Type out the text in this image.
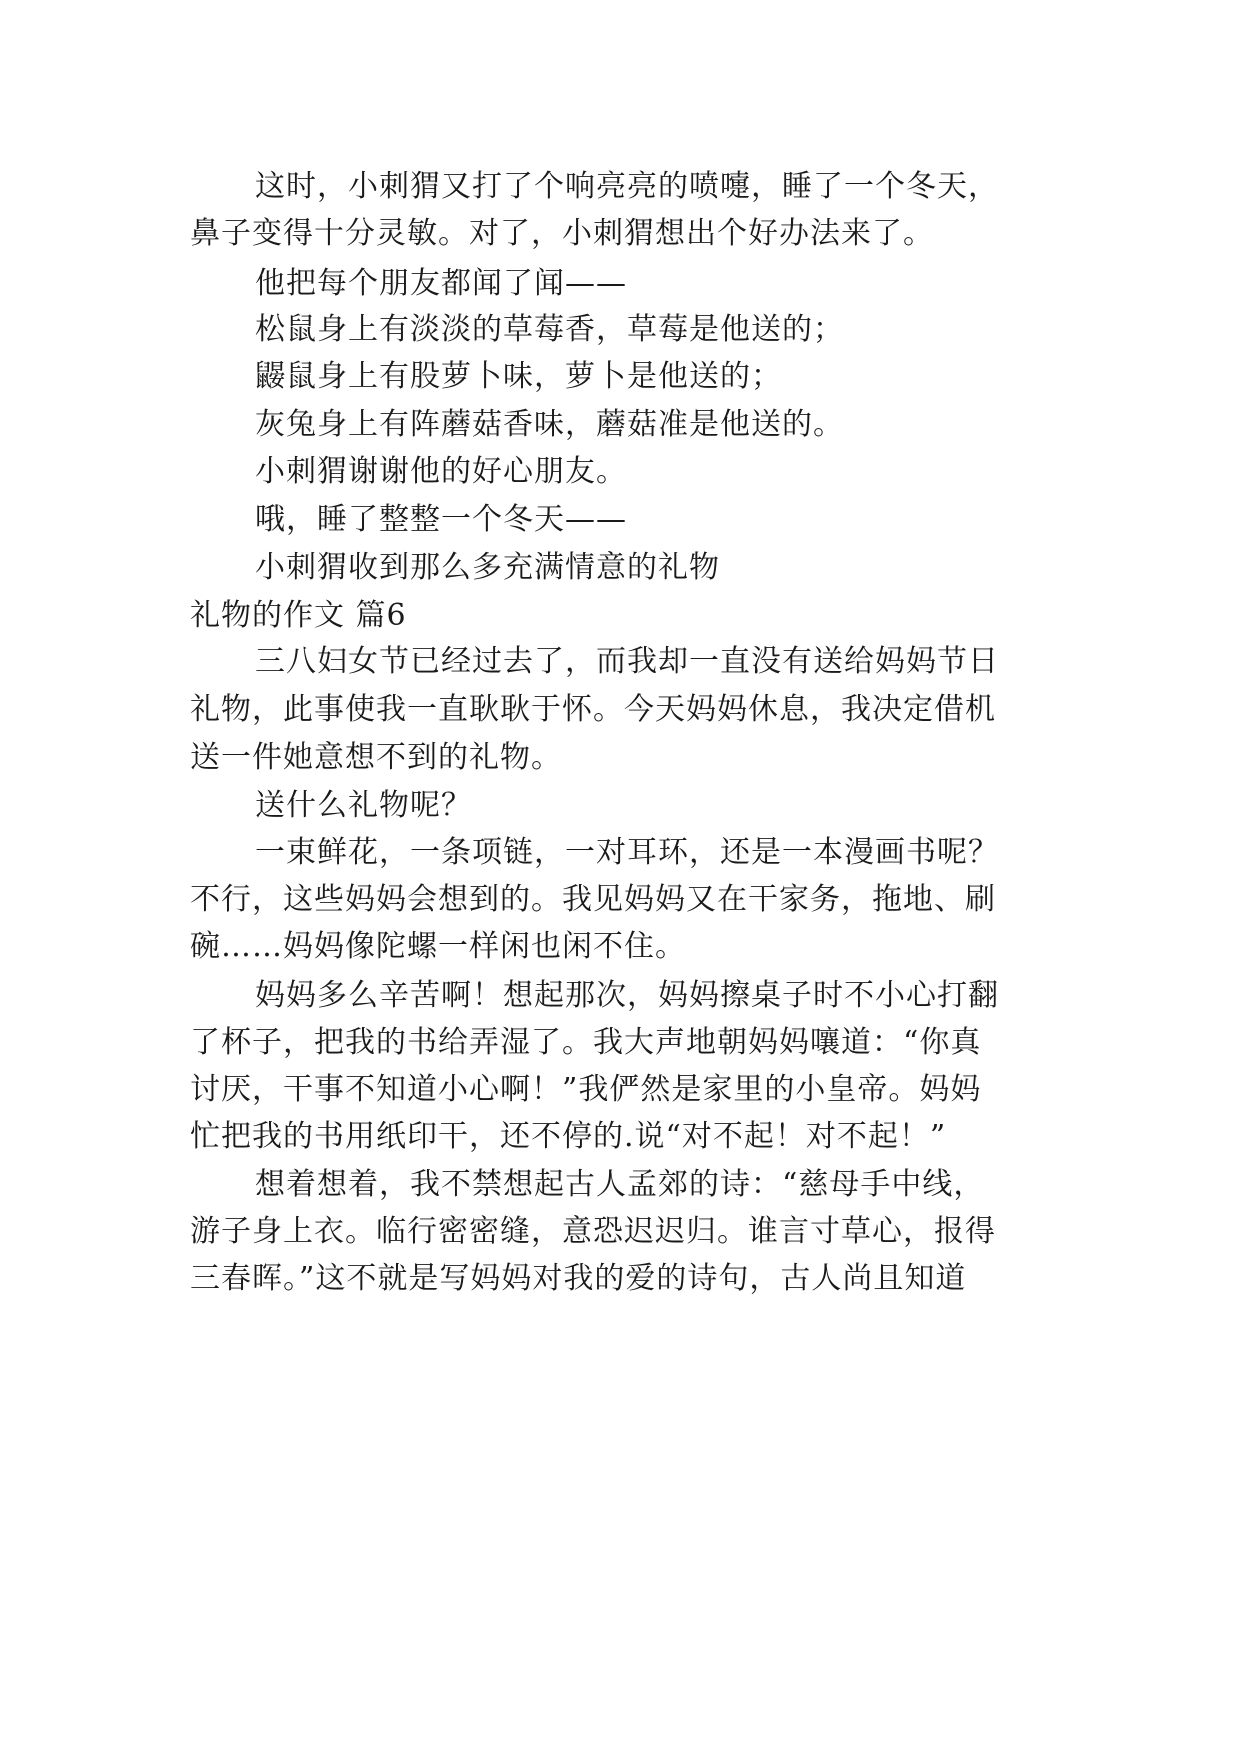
这时，小刺猬又打了个响亮亮的喷嚏，睡了一个冬天，
鼻子变得十分灵敏。对了，小刺猬想出个好办法来了。
他把每个朋友都闻了闻——
松鼠身上有淡淡的草莓香，草莓是他送的；
鼹鼠身上有股萝卜味，萝卜是他送的；
灰兔身上有阵蘑菇香味，蘑菇准是他送的。
小刺猬谢谢他的好心朋友。
哦，睡了整整一个冬天——
小刺猬收到那么多充满情意的礼物
礼物的作文 篇6
三八妇女节已经过去了，而我却一直没有送给妈妈节日
礼物，此事使我一直耿耿于怀。今天妈妈休息，我决定借机
送一件她意想不到的礼物。
送什么礼物呢？
一束鲜花，一条项链，一对耳环，还是一本漫画书呢？
不行，这些妈妈会想到的。我见妈妈又在干家务，拖地、刷
碗……妈妈像陀螺一样闲也闲不住。
妈妈多么辛苦啊！想起那次，妈妈擦桌子时不小心打翻
了杯子，把我的书给弄湿了。我大声地朝妈妈嚷道：“你真
讨厌，干事不知道小心啊！”我俨然是家里的小皇帝。妈妈
忙把我的书用纸印干，还不停的.说“对不起！对不起！”
想着想着，我不禁想起古人孟郊的诗：“慈母手中线，
游子身上衣。临行密密缝，意恐迟迟归。谁言寸草心，报得
三春晖。”这不就是写妈妈对我的爱的诗句，古人尚且知道
